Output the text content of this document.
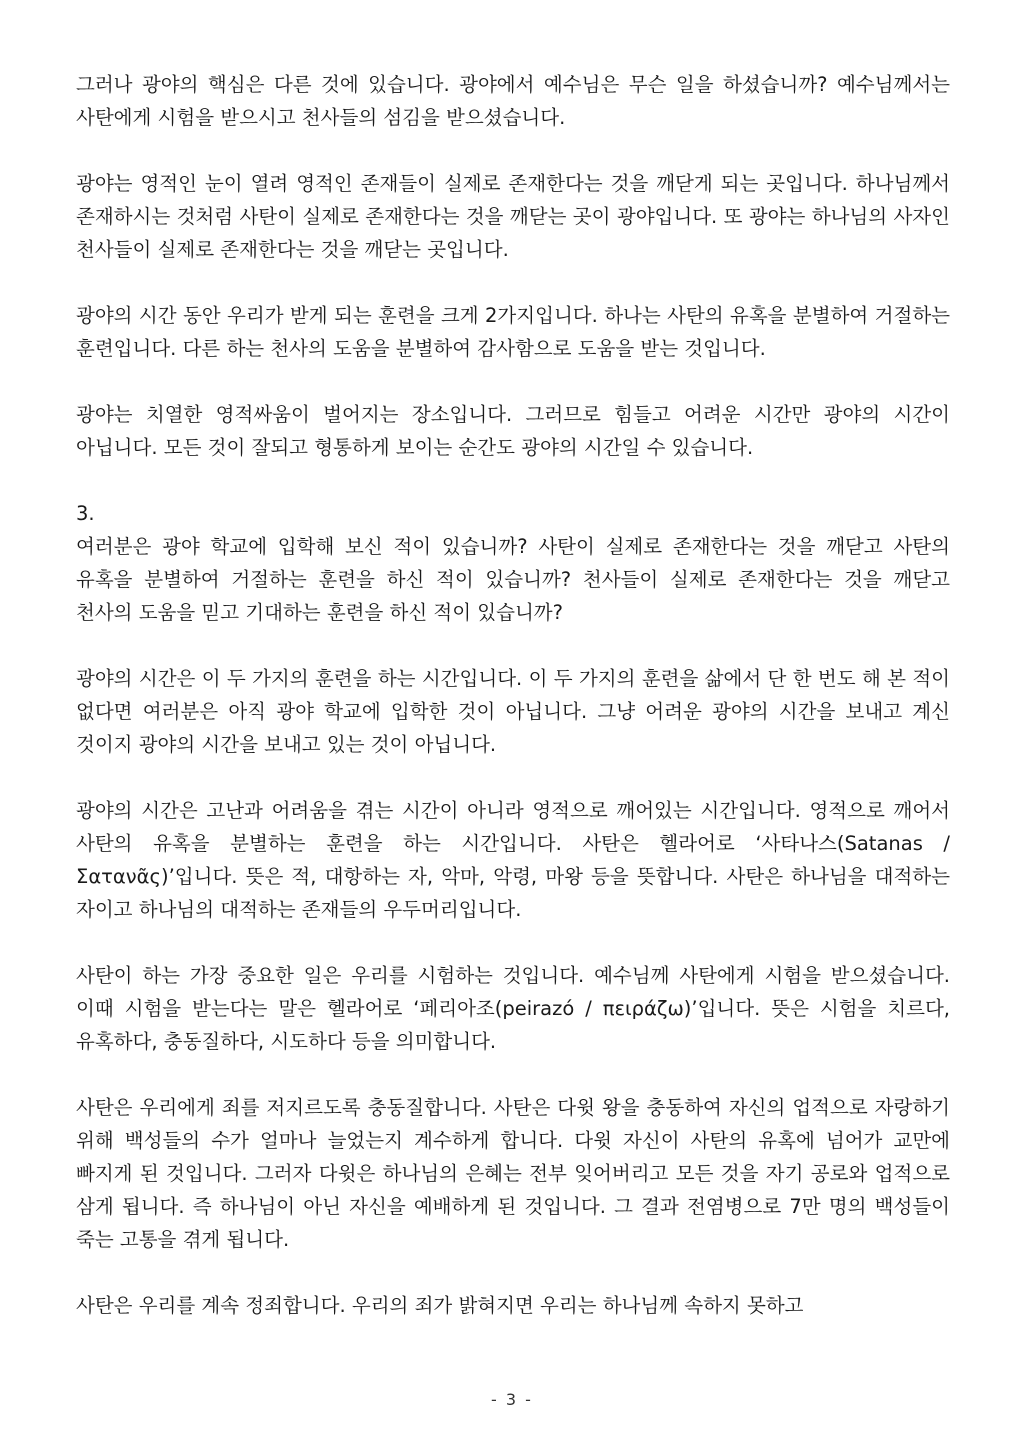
그러나 광야의 핵심은 다른 것에 있습니다. 광야에서 예수님은 무슨 일을 하셨습니까? 예수님께서는 사탄에게 시험을 받으시고 천사들의 섬김을 받으셨습니다.

광야는 영적인 눈이 열려 영적인 존재들이 실제로 존재한다는 것을 깨닫게 되는 곳입니다. 하나님께서 존재하시는 것처럼 사탄이 실제로 존재한다는 것을 깨닫는 곳이 광야입니다. 또 광야는 하나님의 사자인 천사들이 실제로 존재한다는 것을 깨닫는 곳입니다.

광야의 시간 동안 우리가 받게 되는 훈련을 크게 2가지입니다. 하나는 사탄의 유혹을 분별하여 거절하는 훈련입니다. 다른 하는 천사의 도움을 분별하여 감사함으로 도움을 받는 것입니다.

광야는 치열한 영적싸움이 벌어지는 장소입니다. 그러므로 힘들고 어려운 시간만 광야의 시간이 아닙니다. 모든 것이 잘되고 형통하게 보이는 순간도 광야의 시간일 수 있습니다.

3.

여러분은 광야 학교에 입학해 보신 적이 있습니까? 사탄이 실제로 존재한다는 것을 깨닫고 사탄의 유혹을 분별하여 거절하는 훈련을 하신 적이 있습니까? 천사들이 실제로 존재한다는 것을 깨닫고 천사의 도움을 믿고 기대하는 훈련을 하신 적이 있습니까?

광야의 시간은 이 두 가지의 훈련을 하는 시간입니다. 이 두 가지의 훈련을 삶에서 단 한 번도 해 본 적이 없다면 여러분은 아직 광야 학교에 입학한 것이 아닙니다. 그냥 어려운 광야의 시간을 보내고 계신 것이지 광야의 시간을 보내고 있는 것이 아닙니다.

광야의 시간은 고난과 어려움을 겪는 시간이 아니라 영적으로 깨어있는 시간입니다. 영적으로 깨어서 사탄의 유혹을 분별하는 훈련을 하는 시간입니다. 사탄은 헬라어로 ‘사타나스(Satanas / Σατανᾶς)’입니다. 뜻은 적, 대항하는 자, 악마, 악령, 마왕 등을 뜻합니다. 사탄은 하나님을 대적하는 자이고 하나님의 대적하는 존재들의 우두머리입니다.

사탄이 하는 가장 중요한 일은 우리를 시험하는 것입니다. 예수님께 사탄에게 시험을 받으셨습니다. 이때 시험을 받는다는 말은 헬라어로 ‘페리아조(peirazó / πειράζω)’입니다. 뜻은 시험을 치르다, 유혹하다, 충동질하다, 시도하다 등을 의미합니다.

사탄은 우리에게 죄를 저지르도록 충동질합니다. 사탄은 다윗 왕을 충동하여 자신의 업적으로 자랑하기 위해 백성들의 수가 얼마나 늘었는지 계수하게 합니다. 다윗 자신이 사탄의 유혹에 넘어가 교만에 빠지게 된 것입니다. 그러자 다윗은 하나님의 은혜는 전부 잊어버리고 모든 것을 자기 공로와 업적으로 삼게 됩니다. 즉 하나님이 아닌 자신을 예배하게 된 것입니다. 그 결과 전염병으로 7만 명의 백성들이 죽는 고통을 겪게 됩니다.

사탄은 우리를 계속 정죄합니다. 우리의 죄가 밝혀지면 우리는 하나님께 속하지 못하고

- 3 -
